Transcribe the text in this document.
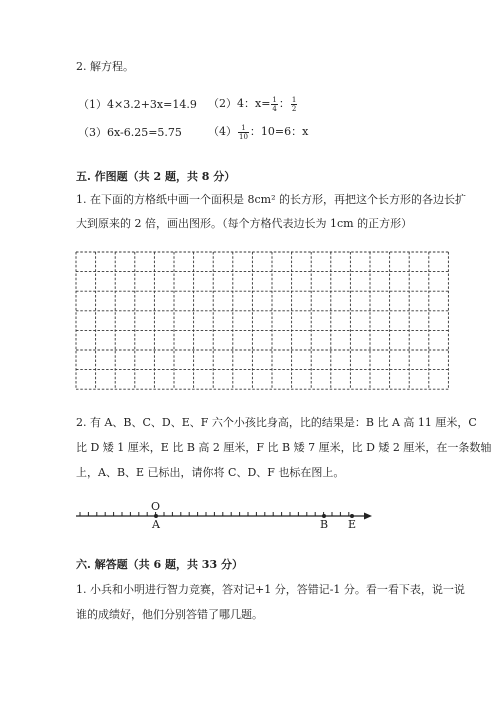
2. 解方程。
（1）4×3.2+3x=14.9 （2）4：$x= \frac{1}{4}$ ： $\frac{1}{2}$
（3）6x-6.25=5.75 $(4) \frac{1}{10}$ ：10=6：x
五. 作图题（共 2 题，共 8 分）
1. 在下面的方格纸中画一个面积是 8cm² 的长方形，再把这个长方形的各边长扩
大到原来的 2 倍，画出图形。（每个方格代表边长为 1cm 的正方形）
2. 有 A、B、C、D、E、F 六个小孩比身高，比的结果是：B 比 A 高 11 厘米，C
比 D 矮 1 厘米，E 比 B 高 2 厘米，F 比 B 矮 7 厘米，比 D 矮 2 厘米，在一条数轴
上，A、B、E 已标出，请你将 C、D、F 也标在图上。
O
A	B E
六. 解答题（共 6 题，共 33 分）
1. 小兵和小明进行智力竞赛，答对记+1 分，答错记-1 分。看一看下表，说一说
谁的成绩好，他们分别答错了哪几题。
